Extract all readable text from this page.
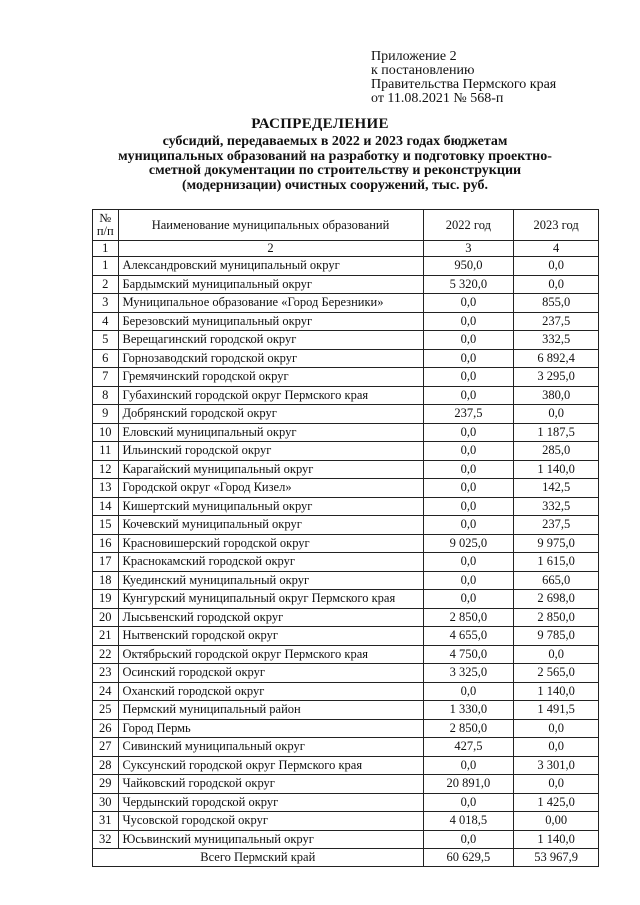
Приложение 2
к постановлению
Правительства Пермского края
от 11.08.2021 № 568-п
РАСПРЕДЕЛЕНИЕ
субсидий, передаваемых в 2022 и 2023 годах бюджетам
муниципальных образований на разработку и подготовку проектно-
сметной документации по строительству и реконструкции
(модернизации) очистных сооружений, тыс. руб.
№
п/п	Наименование муниципальных образований	2022 год	2023 год
1	2	3	4
1	Александровский муниципальный округ	950,0	0,0
2	Бардымский муниципальный округ	5 320,0	0,0
3	Муниципальное образование «Город Березники»	0,0	855,0
4	Березовский муниципальный округ	0,0	237,5
5	Верещагинский городской округ	0,0	332,5
6	Горнозаводский городской округ	0,0	6 892,4
7	Гремячинский городской округ	0,0	3 295,0
8	Губахинский городской округ Пермского края	0,0	380,0
9	Добрянский городской округ	237,5	0,0
10	Еловский муниципальный округ	0,0	1 187,5
11	Ильинский городской округ	0,0	285,0
12	Карагайский муниципальный округ	0,0	1 140,0
13	Городской округ «Город Кизел»	0,0	142,5
14	Кишертский муниципальный округ	0,0	332,5
15	Кочевский муниципальный округ	0,0	237,5
16	Красновишерский городской округ	9 025,0	9 975,0
17	Краснокамский городской округ	0,0	1 615,0
18	Куединский муниципальный округ	0,0	665,0
19	Кунгурский муниципальный округ Пермского края	0,0	2 698,0
20	Лысьвенский городской округ	2 850,0	2 850,0
21	Нытвенский городской округ	4 655,0	9 785,0
22	Октябрьский городской округ Пермского края	4 750,0	0,0
23	Осинский городской округ	3 325,0	2 565,0
24	Оханский городской округ	0,0	1 140,0
25	Пермский муниципальный район	1 330,0	1 491,5
26	Город Пермь	2 850,0	0,0
27	Сивинский муниципальный округ	427,5	0,0
28	Суксунский городской округ Пермского края	0,0	3 301,0
29	Чайковский городской округ	20 891,0	0,0
30	Чердынский городской округ	0,0	1 425,0
31	Чусовской городской округ	4 018,5	0,00
32	Юсьвинский муниципальный округ	0,0	1 140,0
Всего Пермский край		60 629,5	53 967,9
